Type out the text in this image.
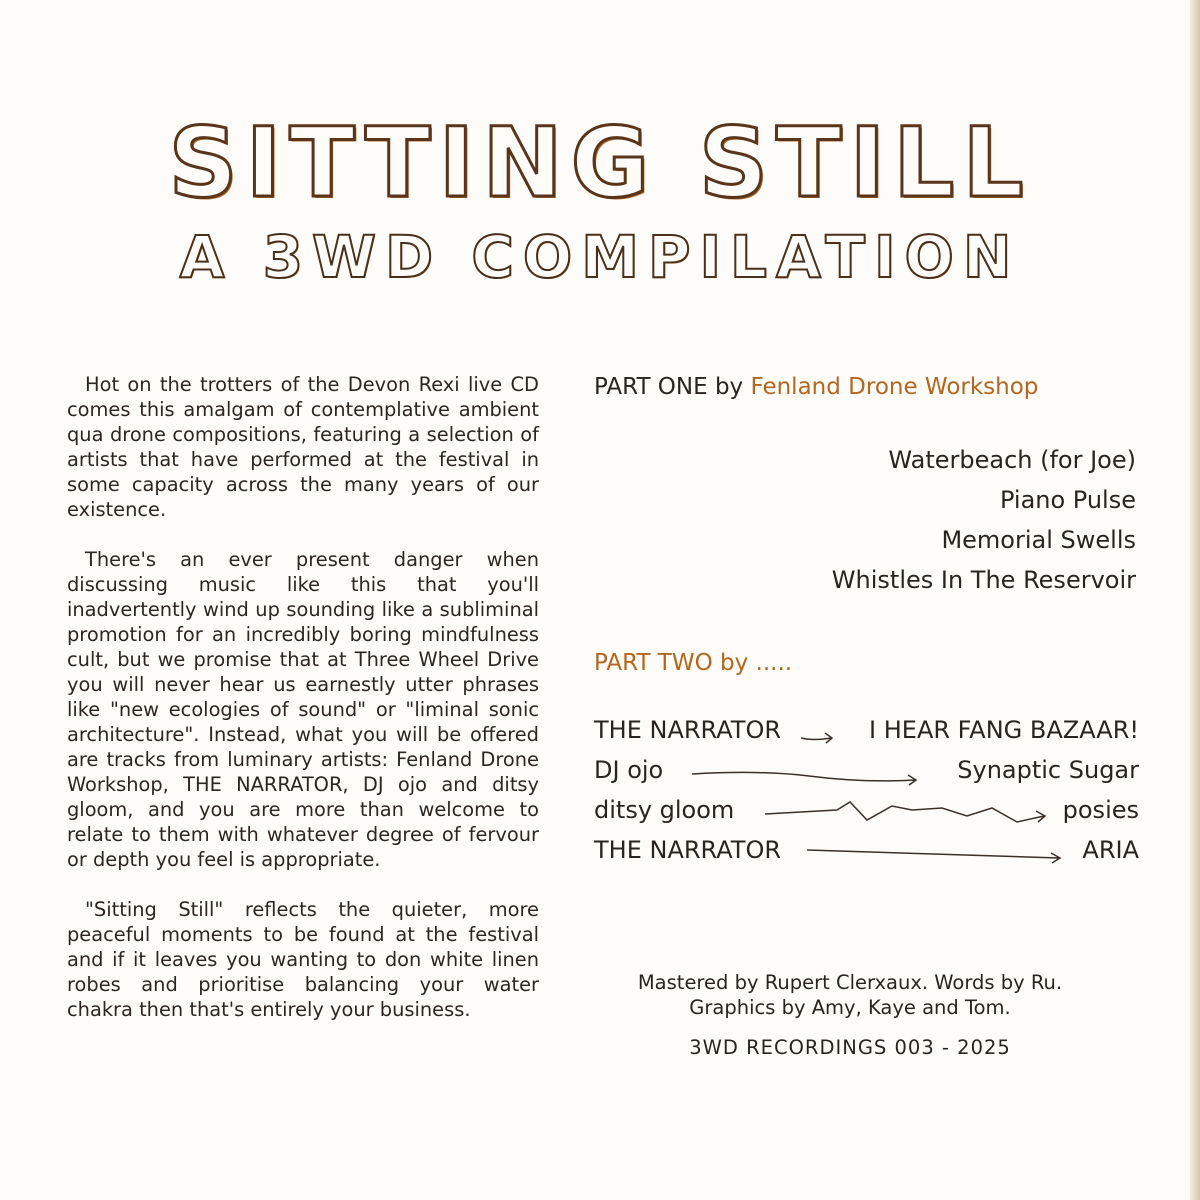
SITTING STILL
A 3WD COMPILATION

Hot on the trotters of the Devon Rexi live CD comes this amalgam of contemplative ambient qua drone compositions, featuring a selection of artists that have performed at the festival in some capacity across the many years of our existence.

There's an ever present danger when discussing music like this that you'll inadvertently wind up sounding like a subliminal promotion for an incredibly boring mindfulness cult, but we promise that at Three Wheel Drive you will never hear us earnestly utter phrases like "new ecologies of sound" or "liminal sonic architecture". Instead, what you will be offered are tracks from luminary artists: Fenland Drone Workshop, THE NARRATOR, DJ ojo and ditsy gloom, and you are more than welcome to relate to them with whatever degree of fervour or depth you feel is appropriate.

"Sitting Still" reflects the quieter, more peaceful moments to be found at the festival and if it leaves you wanting to don white linen robes and prioritise balancing your water chakra then that's entirely your business.

PART ONE by Fenland Drone Workshop
Waterbeach (for Joe)
Piano Pulse
Memorial Swells
Whistles In The Reservoir
PART TWO by .....
THE NARRATOR	I HEAR FANG BAZAAR!
DJ ojo	Synaptic Sugar
ditsy gloom	posies
THE NARRATOR	ARIA
Mastered by Rupert Clerxaux. Words by Ru.
Graphics by Amy, Kaye and Tom.
3WD RECORDINGS 003 - 2025
